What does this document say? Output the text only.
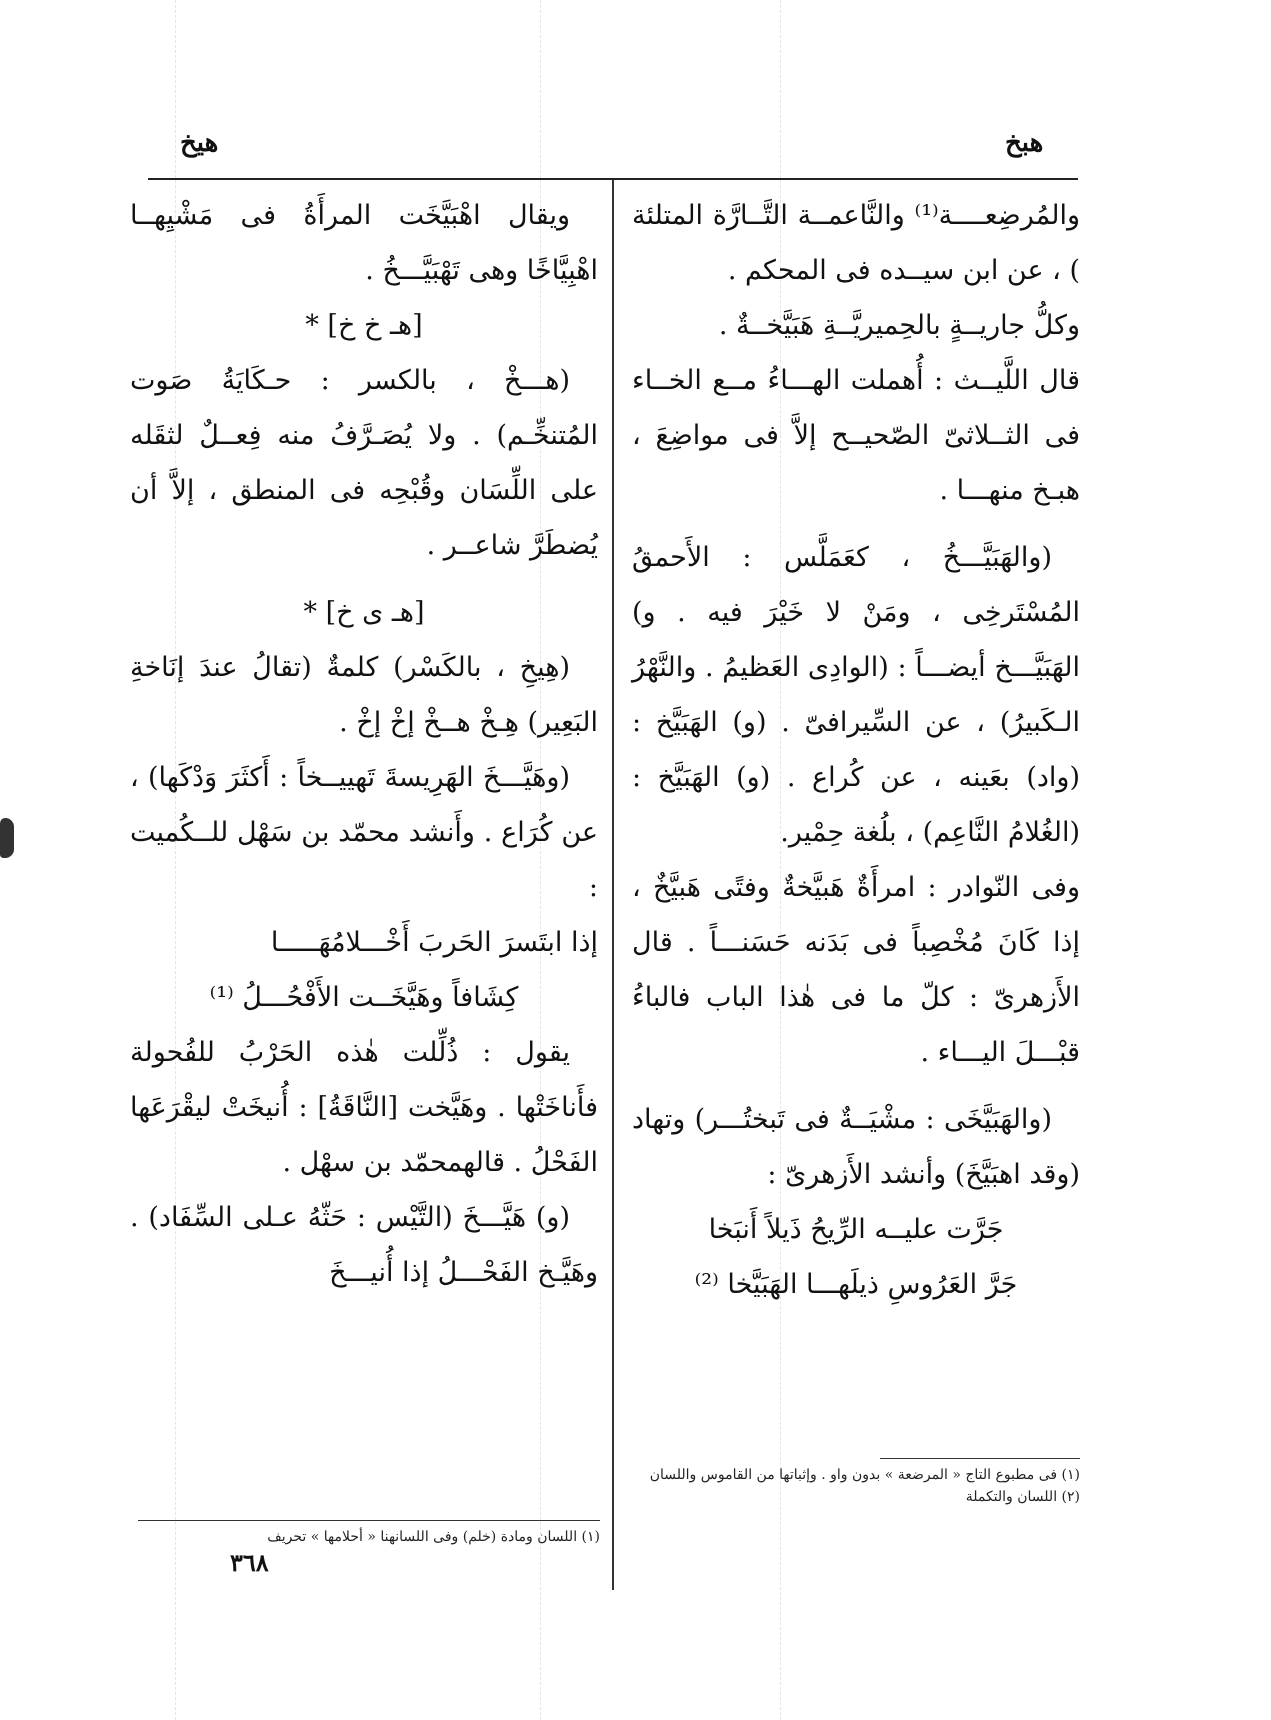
هبخ
هيخ

والمُرضِعــــة⁽¹⁾ والنَّاعمــة التَّــارَّة المتلئة ) ، عن ابن سيــده فى المحكم .

وكلُّ جاريــةٍ بالحِميريَّــةِ هَبَيَّخــةٌ .

قال اللَّيــث : أُهملت الهـــاءُ مــع الخــاء فى الثــلاثىّ الصّحيــح إلاَّ فى مواضِعَ ، هبـخ منهـــا .

(والهَبَيَّـــخُ ، كعَمَلَّس : الأَحمقُ المُسْتَرخِى ، ومَنْ لا خَيْرَ فيه . و) الهَبَيَّـــخ أيضـــاً : (الوادِى العَظيمُ . والنَّهْرُ الـكَبيرُ) ، عن السِّيرافىّ . (و) الهَبَيَّخ : (واد) بعَينه ، عن كُراع . (و) الهَبَيَّخ : (الغُلامُ النَّاعِم) ، بلُغة حِمْير.

وفى النّوادر : امرأَةٌ هَبيَّخةٌ وفتًى هَبيَّخٌ ، إذا كَانَ مُخْصِباً فى بَدَنه حَسَنـــاً . قال الأَزهرىّ : كلّ ما فى هٰذا الباب فالباءُ قبْـــلَ اليـــاء .

(والهَبَيَّخَى : مشْيَــةٌ فى تَبختُـــر) وتهاد (وقد اهبَيَّخَ) وأنشد الأَزهرىّ :

جَرَّت عليــه الرِّيحُ ذَيلاً أَنبَخا

جَرَّ العَرُوسِ ذيلَهـــا الهَبَيَّخا ⁽²⁾

(١) فى مطبوع التاج « المرضعة » بدون واو . وإثباتها من القاموس واللسان

(٢) اللسان والتكملة

ويقال اهْبَيَّخَت المرأَةُ فى مَشْيِهــا اهْبِيَّاخًا وهى تَهْبَيَّـــخُ .

[هـ خ خ] *

(هـــخْ ، بالكسر : حـكَايَةُ صَوت المُتنخِّـم) . ولا يُصَـرَّفُ منه فِعــلٌ لثقَله على اللِّسَان وقُبْحِه فى المنطق ، إلاَّ أن يُضطَرَّ شاعــر .

[هـ ى خ] *

(هِيخِ ، بالكَسْر) كلمةٌ (تقالُ عندَ إنَاخةِ البَعِير) هِـخْ هــخْ إخْ إخْ .

(وهَيَّـــخَ الهَرِيسةَ تَهييــخاً : أَكثَرَ وَدْكَها) ، عن كُرَاع . وأَنشد محمّد بن سَهْل للــكُميت :

إذا ابتَسرَ الحَربَ أَخْـــلامُهَـــــا

كِشَافاً وهَيَّخَــت الأَفْحُـــلُ ⁽¹⁾

يقول : ذُلِّلت هٰذه الحَرْبُ للفُحولة فأَناخَتْها . وهَيَّخت [النَّاقَةُ] : أُنيخَتْ ليقْرَعَها الفَحْلُ . قالهمحمّد بن سهْل .

(و) هَيَّـــخَ (التَّيْس : حَثّهُ عـلى السِّفَاد) . وهَيَّـخ الفَحْـــلُ إذا أُنيـــخَ

(١) اللسان ومادة (خلم) وفى اللسانهنا « أحلامها » تحريف

٣٦٨
